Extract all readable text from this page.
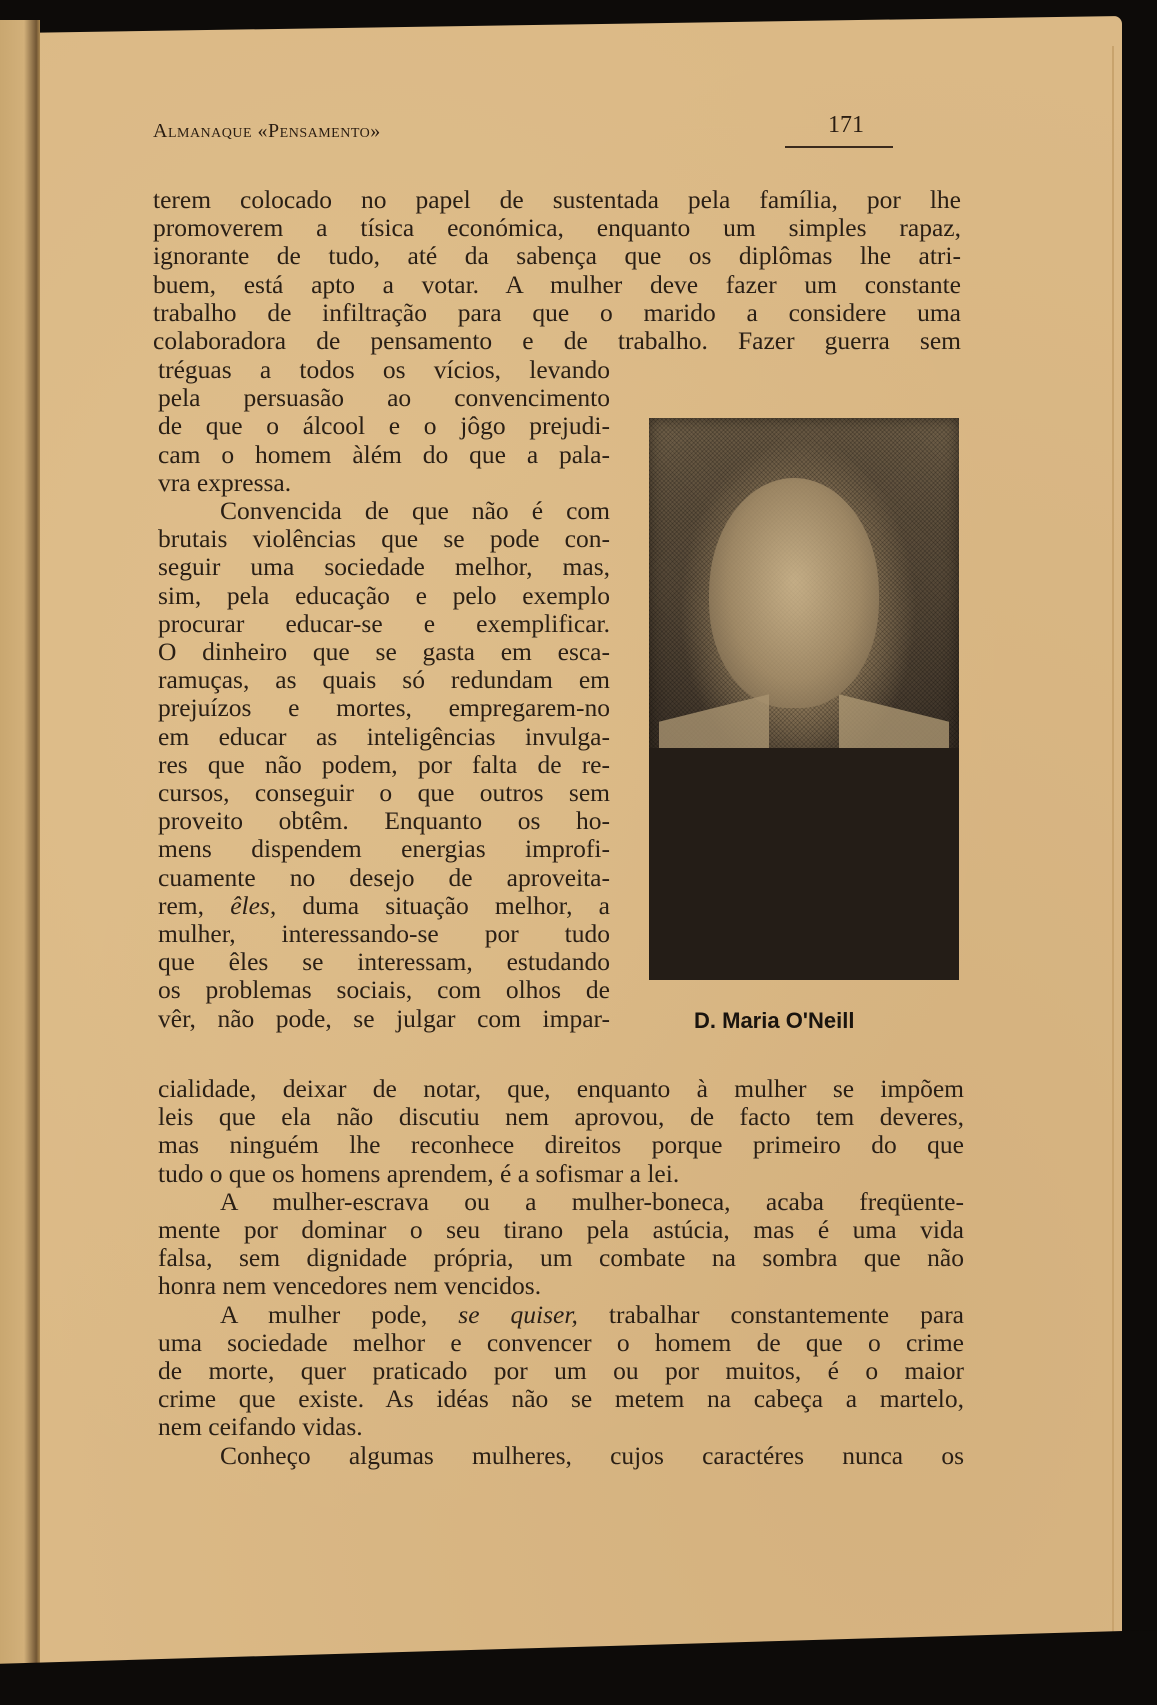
Almanaque «Pensamento»	171
terem colocado no papel de sustentada pela família, por lhe
promoverem a tísica económica, enquanto um simples rapaz,
ignorante de tudo, até da sabença que os diplômas lhe atri-
buem, está apto a votar. A mulher deve fazer um constante
trabalho de infiltração para que o marido a considere uma
colaboradora de pensamento e de trabalho. Fazer guerra sem
tréguas a todos os vícios, levando
pela persuasão ao convencimento
de que o álcool e o jôgo prejudi-
cam o homem àlém do que a pala-
vra expressa.
Convencida de que não é com
brutais violências que se pode con-
seguir uma sociedade melhor, mas,
sim, pela educação e pelo exemplo
procurar educar-se e exemplificar.
O dinheiro que se gasta em esca-
ramuças, as quais só redundam em
prejuízos e mortes, empregarem-no
em educar as inteligências invulga-
res que não podem, por falta de re-
cursos, conseguir o que outros sem
proveito obtêm. Enquanto os ho-
mens dispendem energias improfi-
cuamente no desejo de aproveita-
rem, êles, duma situação melhor, a
mulher, interessando-se por tudo
que êles se interessam, estudando
os problemas sociais, com olhos de
vêr, não pode, se julgar com impar-	D. Maria O'Neill
cialidade, deixar de notar, que, enquanto à mulher se impõem
leis que ela não discutiu nem aprovou, de facto tem deveres,
mas ninguém lhe reconhece direitos porque primeiro do que
tudo o que os homens aprendem, é a sofismar a lei.
A mulher-escrava ou a mulher-boneca, acaba freqüente-
mente por dominar o seu tirano pela astúcia, mas é uma vida
falsa, sem dignidade própria, um combate na sombra que não
honra nem vencedores nem vencidos.
A mulher pode, se quiser, trabalhar constantemente para
uma sociedade melhor e convencer o homem de que o crime
de morte, quer praticado por um ou por muitos, é o maior
crime que existe. As idéas não se metem na cabeça a martelo,
nem ceifando vidas.
Conheço algumas mulheres, cujos caractéres nunca os
